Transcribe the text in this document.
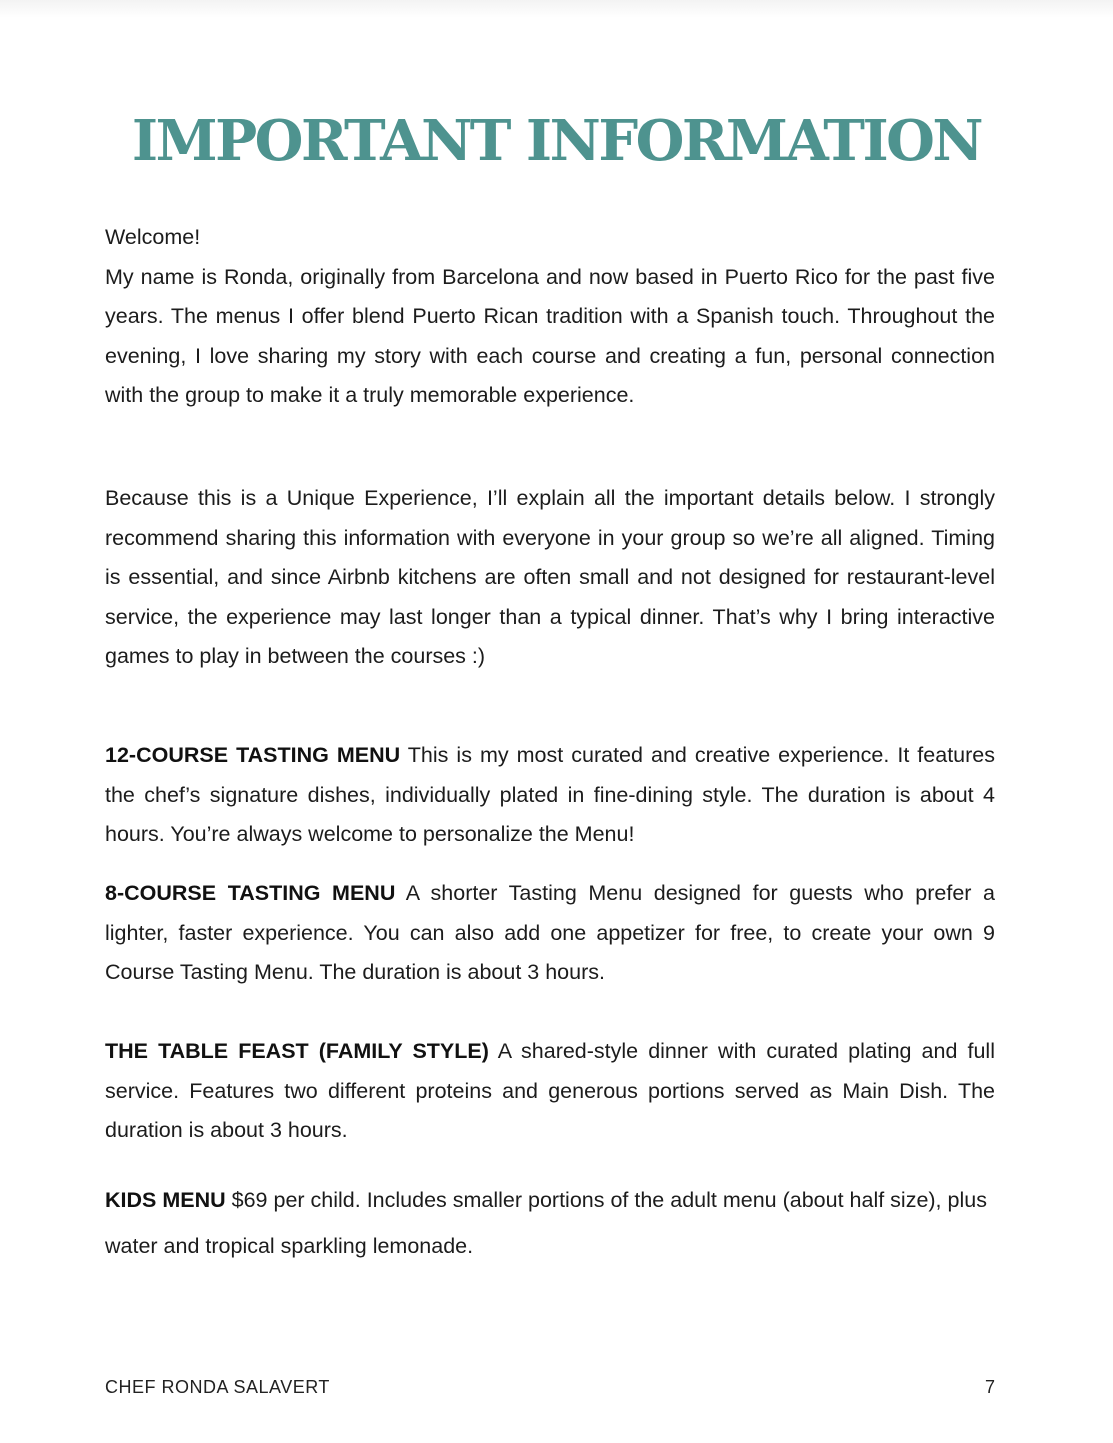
IMPORTANT INFORMATION

Welcome!

My name is Ronda, originally from Barcelona and now based in Puerto Rico for the past five years. The menus I offer blend Puerto Rican tradition with a Spanish touch. Throughout the evening, I love sharing my story with each course and creating a fun, personal connection with the group to make it a truly memorable experience.

Because this is a Unique Experience, I’ll explain all the important details below. I strongly recommend sharing this information with everyone in your group so we’re all aligned. Timing is essential, and since Airbnb kitchens are often small and not designed for restaurant-level service, the experience may last longer than a typical dinner. That’s why I bring interactive games to play in between the courses :)

12-COURSE TASTING MENU This is my most curated and creative experience. It features the chef’s signature dishes, individually plated in fine-dining style. The duration is about 4 hours. You’re always welcome to personalize the Menu!

8-COURSE TASTING MENU A shorter Tasting Menu designed for guests who prefer a lighter, faster experience. You can also add one appetizer for free, to create your own 9 Course Tasting Menu. The duration is about 3 hours.

THE TABLE FEAST (FAMILY STYLE) A shared-style dinner with curated plating and full service. Features two different proteins and generous portions served as Main Dish. The duration is about 3 hours.

KIDS MENU $69 per child. Includes smaller portions of the adult menu (about half size), plus water and tropical sparkling lemonade.

CHEF RONDA SALAVERT	7
